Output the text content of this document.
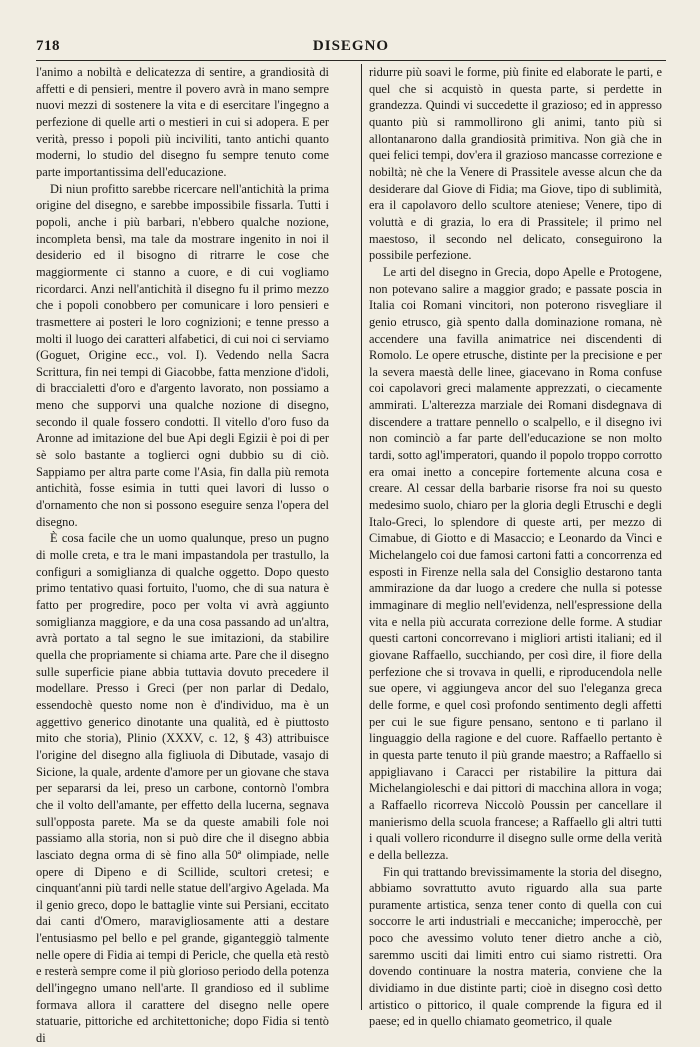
718	DISEGNO

l'animo a nobiltà e delicatezza di sentire, a grandiosità di affetti e di pensieri, mentre il povero avrà in mano sempre nuovi mezzi di sostenere la vita e di esercitare l'ingegno a perfezione di quelle arti o mestieri in cui si adopera. E per verità, presso i popoli più inciviliti, tanto antichi quanto moderni, lo studio del disegno fu sempre tenuto come parte importantissima dell'educazione.

Di niun profitto sarebbe ricercare nell'antichità la prima origine del disegno, e sarebbe impossibile fissarla. Tutti i popoli, anche i più barbari, n'ebbero qualche nozione, incompleta bensì, ma tale da mostrare ingenito in noi il desiderio ed il bisogno di ritrarre le cose che maggiormente ci stanno a cuore, e di cui vogliamo ricordarci. Anzi nell'antichità il disegno fu il primo mezzo che i popoli conobbero per comunicare i loro pensieri e trasmettere ai posteri le loro cognizioni; e tenne presso a molti il luogo dei caratteri alfabetici, di cui noi ci serviamo (Goguet, Origine ecc., vol. I). Vedendo nella Sacra Scrittura, fin nei tempi di Giacobbe, fatta menzione d'idoli, di braccialetti d'oro e d'argento lavorato, non possiamo a meno che supporvi una qualche nozione di disegno, secondo il quale fossero condotti. Il vitello d'oro fuso da Aronne ad imitazione del bue Api degli Egizii è poi di per sè solo bastante a toglierci ogni dubbio su di ciò. Sappiamo per altra parte come l'Asia, fin dalla più remota antichità, fosse esimia in tutti quei lavori di lusso o d'ornamento che non si possono eseguire senza l'opera del disegno.

È cosa facile che un uomo qualunque, preso un pugno di molle creta, e tra le mani impastandola per trastullo, la configuri a somiglianza di qualche oggetto. Dopo questo primo tentativo quasi fortuito, l'uomo, che di sua natura è fatto per progredire, poco per volta vi avrà aggiunto somiglianza maggiore, e da una cosa passando ad un'altra, avrà portato a tal segno le sue imitazioni, da stabilire quella che propriamente si chiama arte. Pare che il disegno sulle superficie piane abbia tuttavia dovuto precedere il modellare. Presso i Greci (per non parlar di Dedalo, essendochè questo nome non è d'individuo, ma è un aggettivo generico dinotante una qualità, ed è piuttosto mito che storia), Plinio (XXXV, c. 12, § 43) attribuisce l'origine del disegno alla figliuola di Dibutade, vasajo di Sicione, la quale, ardente d'amore per un giovane che stava per separarsi da lei, preso un carbone, contornò l'ombra che il volto dell'amante, per effetto della lucerna, segnava sull'opposta parete. Ma se da queste amabili fole noi passiamo alla storia, non si può dire che il disegno abbia lasciato degna orma di sè fino alla 50ª olimpiade, nelle opere di Dipeno e di Scillide, scultori cretesi; e cinquant'anni più tardi nelle statue dell'argivo Agelada. Ma il genio greco, dopo le battaglie vinte sui Persiani, eccitato dai canti d'Omero, maravigliosamente atti a destare l'entusiasmo pel bello e pel grande, giganteggiò talmente nelle opere di Fidia ai tempi di Pericle, che quella età restò e resterà sempre come il più glorioso periodo della potenza dell'ingegno umano nell'arte. Il grandioso ed il sublime formava allora il carattere del disegno nelle opere statuarie, pittoriche ed architettoniche; dopo Fidia si tentò di

ridurre più soavi le forme, più finite ed elaborate le parti, e quel che si acquistò in questa parte, si perdette in grandezza. Quindi vi succedette il grazioso; ed in appresso quanto più si rammollirono gli animi, tanto più si allontanarono dalla grandiosità primitiva. Non già che in quei felici tempi, dov'era il grazioso mancasse correzione e nobiltà; nè che la Venere di Prassitele avesse alcun che da desiderare dal Giove di Fidia; ma Giove, tipo di sublimità, era il capolavoro dello scultore ateniese; Venere, tipo di voluttà e di grazia, lo era di Prassitele; il primo nel maestoso, il secondo nel delicato, conseguirono la possibile perfezione.

Le arti del disegno in Grecia, dopo Apelle e Protogene, non potevano salire a maggior grado; e passate poscia in Italia coi Romani vincitori, non poterono risvegliare il genio etrusco, già spento dalla dominazione romana, nè accendere una favilla animatrice nei discendenti di Romolo. Le opere etrusche, distinte per la precisione e per la severa maestà delle linee, giacevano in Roma confuse coi capolavori greci malamente apprezzati, o ciecamente ammirati. L'alterezza marziale dei Romani disdegnava di discendere a trattare pennello o scalpello, e il disegno ivi non cominciò a far parte dell'educazione se non molto tardi, sotto agl'imperatori, quando il popolo troppo corrotto era omai inetto a concepire fortemente alcuna cosa e creare. Al cessar della barbarie risorse fra noi su questo medesimo suolo, chiaro per la gloria degli Etruschi e degli Italo-Greci, lo splendore di queste arti, per mezzo di Cimabue, di Giotto e di Masaccio; e Leonardo da Vinci e Michelangelo coi due famosi cartoni fatti a concorrenza ed esposti in Firenze nella sala del Consiglio destarono tanta ammirazione da dar luogo a credere che nulla si potesse immaginare di meglio nell'evidenza, nell'espressione della vita e nella più accurata correzione delle forme. A studiar questi cartoni concorrevano i migliori artisti italiani; ed il giovane Raffaello, succhiando, per così dire, il fiore della perfezione che si trovava in quelli, e riproducendola nelle sue opere, vi aggiungeva ancor del suo l'eleganza greca delle forme, e quel così profondo sentimento degli affetti per cui le sue figure pensano, sentono e ti parlano il linguaggio della ragione e del cuore. Raffaello pertanto è in questa parte tenuto il più grande maestro; a Raffaello si appigliavano i Caracci per ristabilire la pittura dai Michelangioleschi e dai pittori di macchina allora in voga; a Raffaello ricorreva Niccolò Poussin per cancellare il manierismo della scuola francese; a Raffaello gli altri tutti i quali vollero ricondurre il disegno sulle orme della verità e della bellezza.

Fin qui trattando brevissimamente la storia del disegno, abbiamo sovrattutto avuto riguardo alla sua parte puramente artistica, senza tener conto di quella con cui soccorre le arti industriali e meccaniche; imperocchè, per poco che avessimo voluto tener dietro anche a ciò, saremmo usciti dai limiti entro cui siamo ristretti. Ora dovendo continuare la nostra materia, conviene che la dividiamo in due distinte parti; cioè in disegno così detto artistico o pittorico, il quale comprende la figura ed il paese; ed in quello chiamato geometrico, il quale
